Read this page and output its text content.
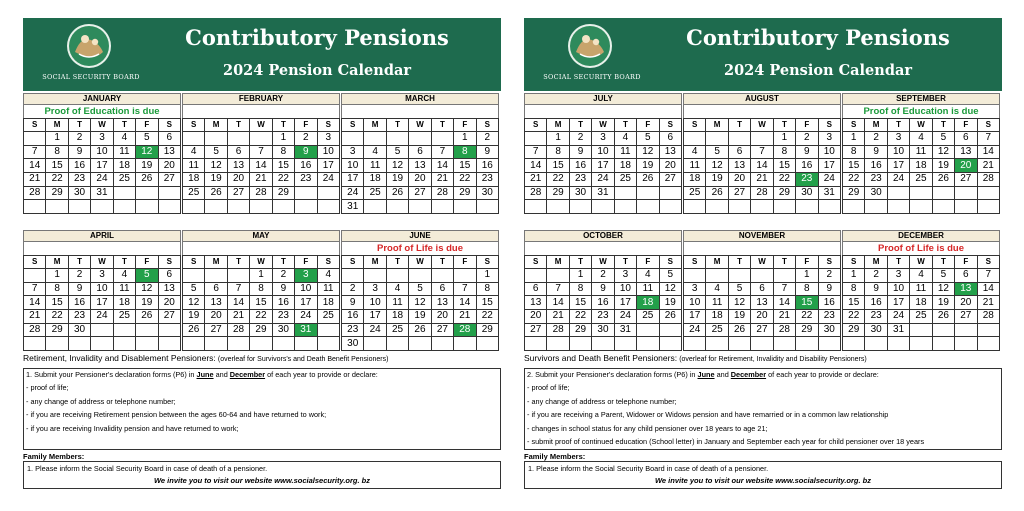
SOCIAL SECURITY BOARD
Contributory Pensions
2024 Pension Calendar
JANUARY
Proof of Education is due
S	M	T	W	T	F	S
	1	2	3	4	5	6
7	8	9	10	11	12	13
14	15	16	17	18	19	20
21	22	23	24	25	26	27
28	29	30	31			

FEBRUARY
S	M	T	W	T	F	S
				1	2	3
4	5	6	7	8	9	10
11	12	13	14	15	16	17
18	19	20	21	22	23	24
25	26	27	28	29		

MARCH
S	M	T	W	T	F	S
					1	2
3	4	5	6	7	8	9
10	11	12	13	14	15	16
17	18	19	20	21	22	23
24	25	26	27	28	29	30
31						
APRIL
S	M	T	W	T	F	S
	1	2	3	4	5	6
7	8	9	10	11	12	13
14	15	16	17	18	19	20
21	22	23	24	25	26	27
28	29	30				

MAY
S	M	T	W	T	F	S
			1	2	3	4
5	6	7	8	9	10	11
12	13	14	15	16	17	18
19	20	21	22	23	24	25
26	27	28	29	30	31	

JUNE
Proof of Life is due
S	M	T	W	T	F	S
						1
2	3	4	5	6	7	8
9	10	11	12	13	14	15
16	17	18	19	20	21	22
23	24	25	26	27	28	29
30						
Retirement, Invalidity and Disablement Pensioners: (overleaf for Survivors's and Death Benefit Pensioners)
1. Submit your Pensioner's declaration forms (P6) in June and December of each year to provide or declare:
- proof of life;
- any change of address or telephone number;
- if you are receiving Retirement pension between the ages 60-64 and have returned to work;
- if you are receiving Invalidity pension and have returned to work;
Family Members:
1. Please inform the Social Security Board in case of death of a pensioner.
We invite you to visit our website www.socialsecurity.org. bz
SOCIAL SECURITY BOARD
Contributory Pensions
2024 Pension Calendar
JULY
S	M	T	W	T	F	S
	1	2	3	4	5	6
7	8	9	10	11	12	13
14	15	16	17	18	19	20
21	22	23	24	25	26	27
28	29	30	31			

AUGUST
S	M	T	W	T	F	S
				1	2	3
4	5	6	7	8	9	10
11	12	13	14	15	16	17
18	19	20	21	22	23	24
25	26	27	28	29	30	31

SEPTEMBER
Proof of Education is due
S	M	T	W	T	F	S
1	2	3	4	5	6	7
8	9	10	11	12	13	14
15	16	17	18	19	20	21
22	23	24	25	26	27	28
29	30					

OCTOBER
S	M	T	W	T	F	S
		1	2	3	4	5
6	7	8	9	10	11	12
13	14	15	16	17	18	19
20	21	22	23	24	25	26
27	28	29	30	31		

NOVEMBER
S	M	T	W	T	F	S
					1	2
3	4	5	6	7	8	9
10	11	12	13	14	15	16
17	18	19	20	21	22	23
24	25	26	27	28	29	30

DECEMBER
Proof of Life is due
S	M	T	W	T	F	S
1	2	3	4	5	6	7
8	9	10	11	12	13	14
15	16	17	18	19	20	21
22	23	24	25	26	27	28
29	30	31				

Survivors and Death Benefit Pensioners: (overleaf for Retirement, Invalidity and Disability Pensioners)
2. Submit your Pensioner's declaration forms (P6) in June and December of each year to provide or declare:
- proof of life;
- any change of address or telephone number;
- if you are receiving a Parent, Widower or Widows pension and have remarried or in a common law relationship
- changes in school status for any child pensioner over 18 years to age 21;
- submit proof of continued education (School letter) in January and September each year for child pensioner over 18 years
Family Members:
1. Please inform the Social Security Board in case of death of a pensioner.
We invite you to visit our website www.socialsecurity.org. bz
